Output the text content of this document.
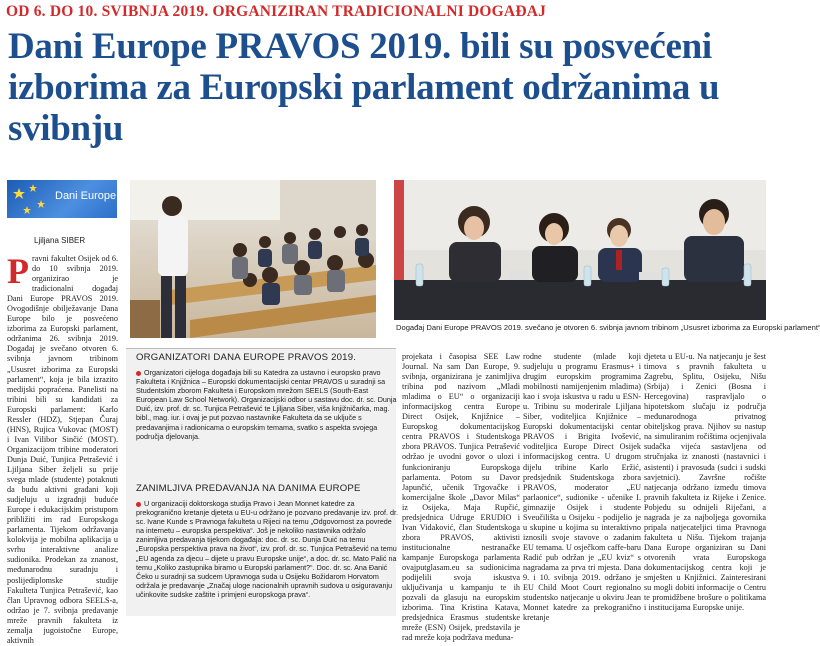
OD 6. DO 10. SVIBNJA 2019. ORGANIZIRAN TRADICIONALNI DOGAĐAJ
Dani Europe PRAVOS 2019. bili su posvećeni izborima za Europski parlament održanima u svibnju
Dani Europe
Ljiljana SIBER
Pravni fakultet Osijek od 6. do 10 svibnja 2019. organizirao je tradicionalni događaj Dani Europe PRAVOS 2019. Ovogodišnje obilježavanje Dana Europe bilo je posvećeno izborima za Europski parlament, održanima 26. svibnja 2019. Događaj je svečano otvoren 6. svibnja javnom tribinom „Ususret izborima za Europski parlament“, koja je bila izrazito medijski popraćena. Panelisti na tribini bili su kandidati za Europski parlament: Karlo Ressler (HDZ), Stjepan Čuraj (HNS), Rujica Vukovac (MOST) i Ivan Vilibor Sinčić (MOST). Organizacijom tribine moderatori Dunja Duić, Tunjica Petrašević i Ljiljana Siber željeli su prije svega mlade (studente) potaknuti da budu aktivni građani koji sudjeluju u izgradnji buduće Europe i edukacijskim pristupom približiti im rad Europskoga parlamenta. Tijekom održavanja kolokvija je mobilna aplikacija u svrhu interaktivne analize sudionika. Prodekan za znanost, međunarodnu suradnju i poslijediplomske studije Fakulteta Tunjica Petrašević, kao član Upravnog odbora SEELS-a, održao je 7. svibnja predavanje mreže pravnih fakulteta iz zemalja jugoistočne Europe, aktivnih
Događaj Dani Europe PRAVOS 2019. svečano je otvoren 6. svibnja javnom tribinom „Ususret izborima za Europski parlament“
ORGANIZATORI DANA EUROPE PRAVOS 2019.
Organizatori cijeloga događaja bili su Katedra za ustavno i europsko pravo Fakulteta i Knjižnica – Europski dokumentacijski centar PRAVOS u suradnji sa Studentskim zborom Fakulteta i Europskom mrežom SEELS (South-East European Law School Network). Organizacijski odbor u sastavu doc. dr. sc. Dunja Duić, izv. prof. dr. sc. Tunjica Petrašević te Ljiljana Siber, viša knjižničarka, mag. bibl., mag. iur. i ovaj je put pozvao nastavnike Fakulteta da se uključe s predavanjima i radionicama o europskim temama, svatko s aspekta svojega područja djelovanja.
ZANIMLJIVA PREDAVANJA NA DANIMA EUROPE
U organizaciji doktorskoga studija Pravo i Jean Monnet katedre za prekogranično kretanje djeteta u EU-u održano je pozvano predavanje izv. prof. dr. sc. Ivane Kunde s Pravnoga fakulteta u Rijeci na temu „Odgovornost za povrede na internetu – europska perspektiva“. Još je nekoliko nastavnika održalo zanimljiva predavanja tijekom događaja: doc. dr. sc. Dunja Duić na temu „Europska perspektiva prava na život“, izv. prof. dr. sc. Tunjica Petrašević na temu „EU agenda za djecu – dijete u pravu Europske unije“, a doc. dr. sc. Mato Palić na temu „Koliko zastupnika biramo u Europski parlament?“. Doc. dr. sc. Ana Đanić Čeko u suradnji sa sudcem Upravnoga suda u Osijeku Božidarom Horvatom održala je predavanje „Značaj uloge nacionalnih upravnih sudova u osiguravanju učinkovite sudske zaštite i primjeni europskoga prava“.
projekata i časopisa SEE Law Journal. Na sam Dan Europe, 9. svibnja, organizirana je zanimljiva tribina pod nazivom „Mladi mladima o EU“ o organizaciji informacijskog centra Europe Direct Osijek, Knjižnice – Europskog dokumentacijskog centra PRAVOS i Studentskoga zbora PRAVOS. Tunjica Petrašević održao je uvodni govor o ulozi i funkcioniranju Europskoga parlamenta. Potom su Davor Japunčić, učenik Trgovačke i komercijalne škole „Davor Milas“ iz Osijeka, Maja Rupčić, predsjednica Udruge ERUDIO i Ivan Vidaković, član Studentskoga zbora PRAVOS, aktivisti institucionalne nestranačke kampanje Europskoga parlamenta ovajputglasam.eu sa sudionicima podijelili svoja iskustva uključivanja u kampanju te ih pozvali da glasuju na europskim izborima. Tina Kristina Katava, predsjednica Erasmus studentske mreže (ESN) Osijek, predstavila je rad mreže koja podržava međuna-
rodne studente (mlade koji sudjeluju u programu Erasmus+ i drugim europskim programima mobilnosti namijenjenim mladima) kao i svoja iskustva u radu u ESN-u. Tribinu su moderirale Ljiljana Siber, voditeljica Knjižnice – Europski dokumentacijski centar PRAVOS i Brigita Ivošević, voditeljica Europe Direct Osijek informacijskog centra. U drugom dijelu tribine Karlo Eržić, predsjednik Studentskoga zbora PRAVOS, moderator „EU parlaonice“, sudionike - učenike I. gimnazije Osijek i studente Sveučilišta u Osijeku - podijelio je u skupine u kojima su interaktivno iznosili svoje stavove o zadanim EU temama. U osječkom caffe-baru Radić pub održan je „EU kviz“ s nagradama za prva tri mjesta. Dana 9. i 10. svibnja 2019. održano je EU Child Moot Court regionalno studentsko natjecanje u okviru Jean Monnet katedre za prekogranično kretanje
djeteta u EU-u. Na natjecanju je šest timova s pravnih fakulteta u Zagrebu, Splitu, Osijeku, Nišu (Srbija) i Zenici (Bosna i Hercegovina) raspravljalo o hipotetskom slučaju iz područja međunarodnoga privatnog obiteljskog prava. Njihov su nastup na simuliranim ročištima ocjenjivala sudačka vijeća sastavljena od stručnjaka iz znanosti (nastavnici i asistenti) i pravosuđa (sudci i sudski savjetnici). Završne ročište natjecanja održano između timova pravnih fakulteta iz Rijeke i Zenice. Pobjedu su odnijeli Riječani, a nagrada je za najboljega govornika pripala natjecateljici tima Pravnoga fakulteta u Nišu. Tijekom trajanja Dana Europe organiziran su Dani otvorenih vrata Europskoga dokumentacijskog centra koji je smješten u Knjižnici. Zainteresirani su mogli dobiti informacije o Centru te promidžbene brošure o politikama i institucijama Europske unije.
